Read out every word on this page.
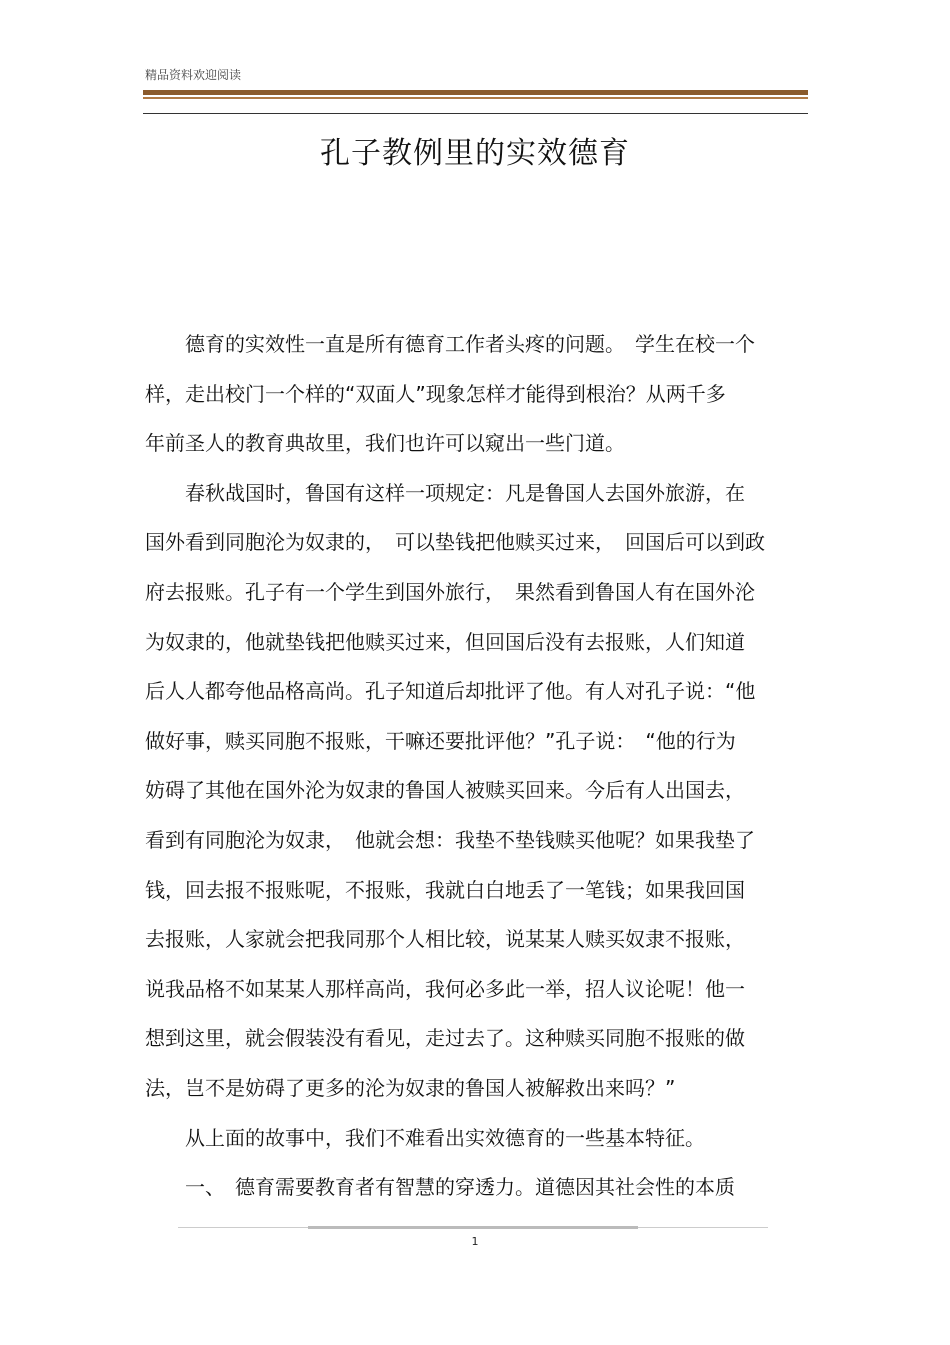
精品资料欢迎阅读
孔子教例里的实效德育
　　德育的实效性一直是所有德育工作者头疼的问题。　学生在校一个
样，走出校门一个样的“双面人”现象怎样才能得到根治？从两千多
年前圣人的教育典故里，我们也许可以窥出一些门道。
　　春秋战国时，鲁国有这样一项规定：凡是鲁国人去国外旅游，在
国外看到同胞沦为奴隶的，　可以垫钱把他赎买过来，　回国后可以到政
府去报账。孔子有一个学生到国外旅行，　果然看到鲁国人有在国外沦
为奴隶的，他就垫钱把他赎买过来，但回国后没有去报账，人们知道
后人人都夸他品格高尚。孔子知道后却批评了他。有人对孔子说：“他
做好事，赎买同胞不报账，干嘛还要批评他？”孔子说：　“他的行为
妨碍了其他在国外沦为奴隶的鲁国人被赎买回来。今后有人出国去，
看到有同胞沦为奴隶，　他就会想：我垫不垫钱赎买他呢？如果我垫了
钱，回去报不报账呢，不报账，我就白白地丢了一笔钱；如果我回国
去报账，人家就会把我同那个人相比较，说某某人赎买奴隶不报账，
说我品格不如某某人那样高尚，我何必多此一举，招人议论呢！他一
想到这里，就会假装没有看见，走过去了。这种赎买同胞不报账的做
法，岂不是妨碍了更多的沦为奴隶的鲁国人被解救出来吗？”
　　从上面的故事中，我们不难看出实效德育的一些基本特征。
　　一、　德育需要教育者有智慧的穿透力。道德因其社会性的本质
1
